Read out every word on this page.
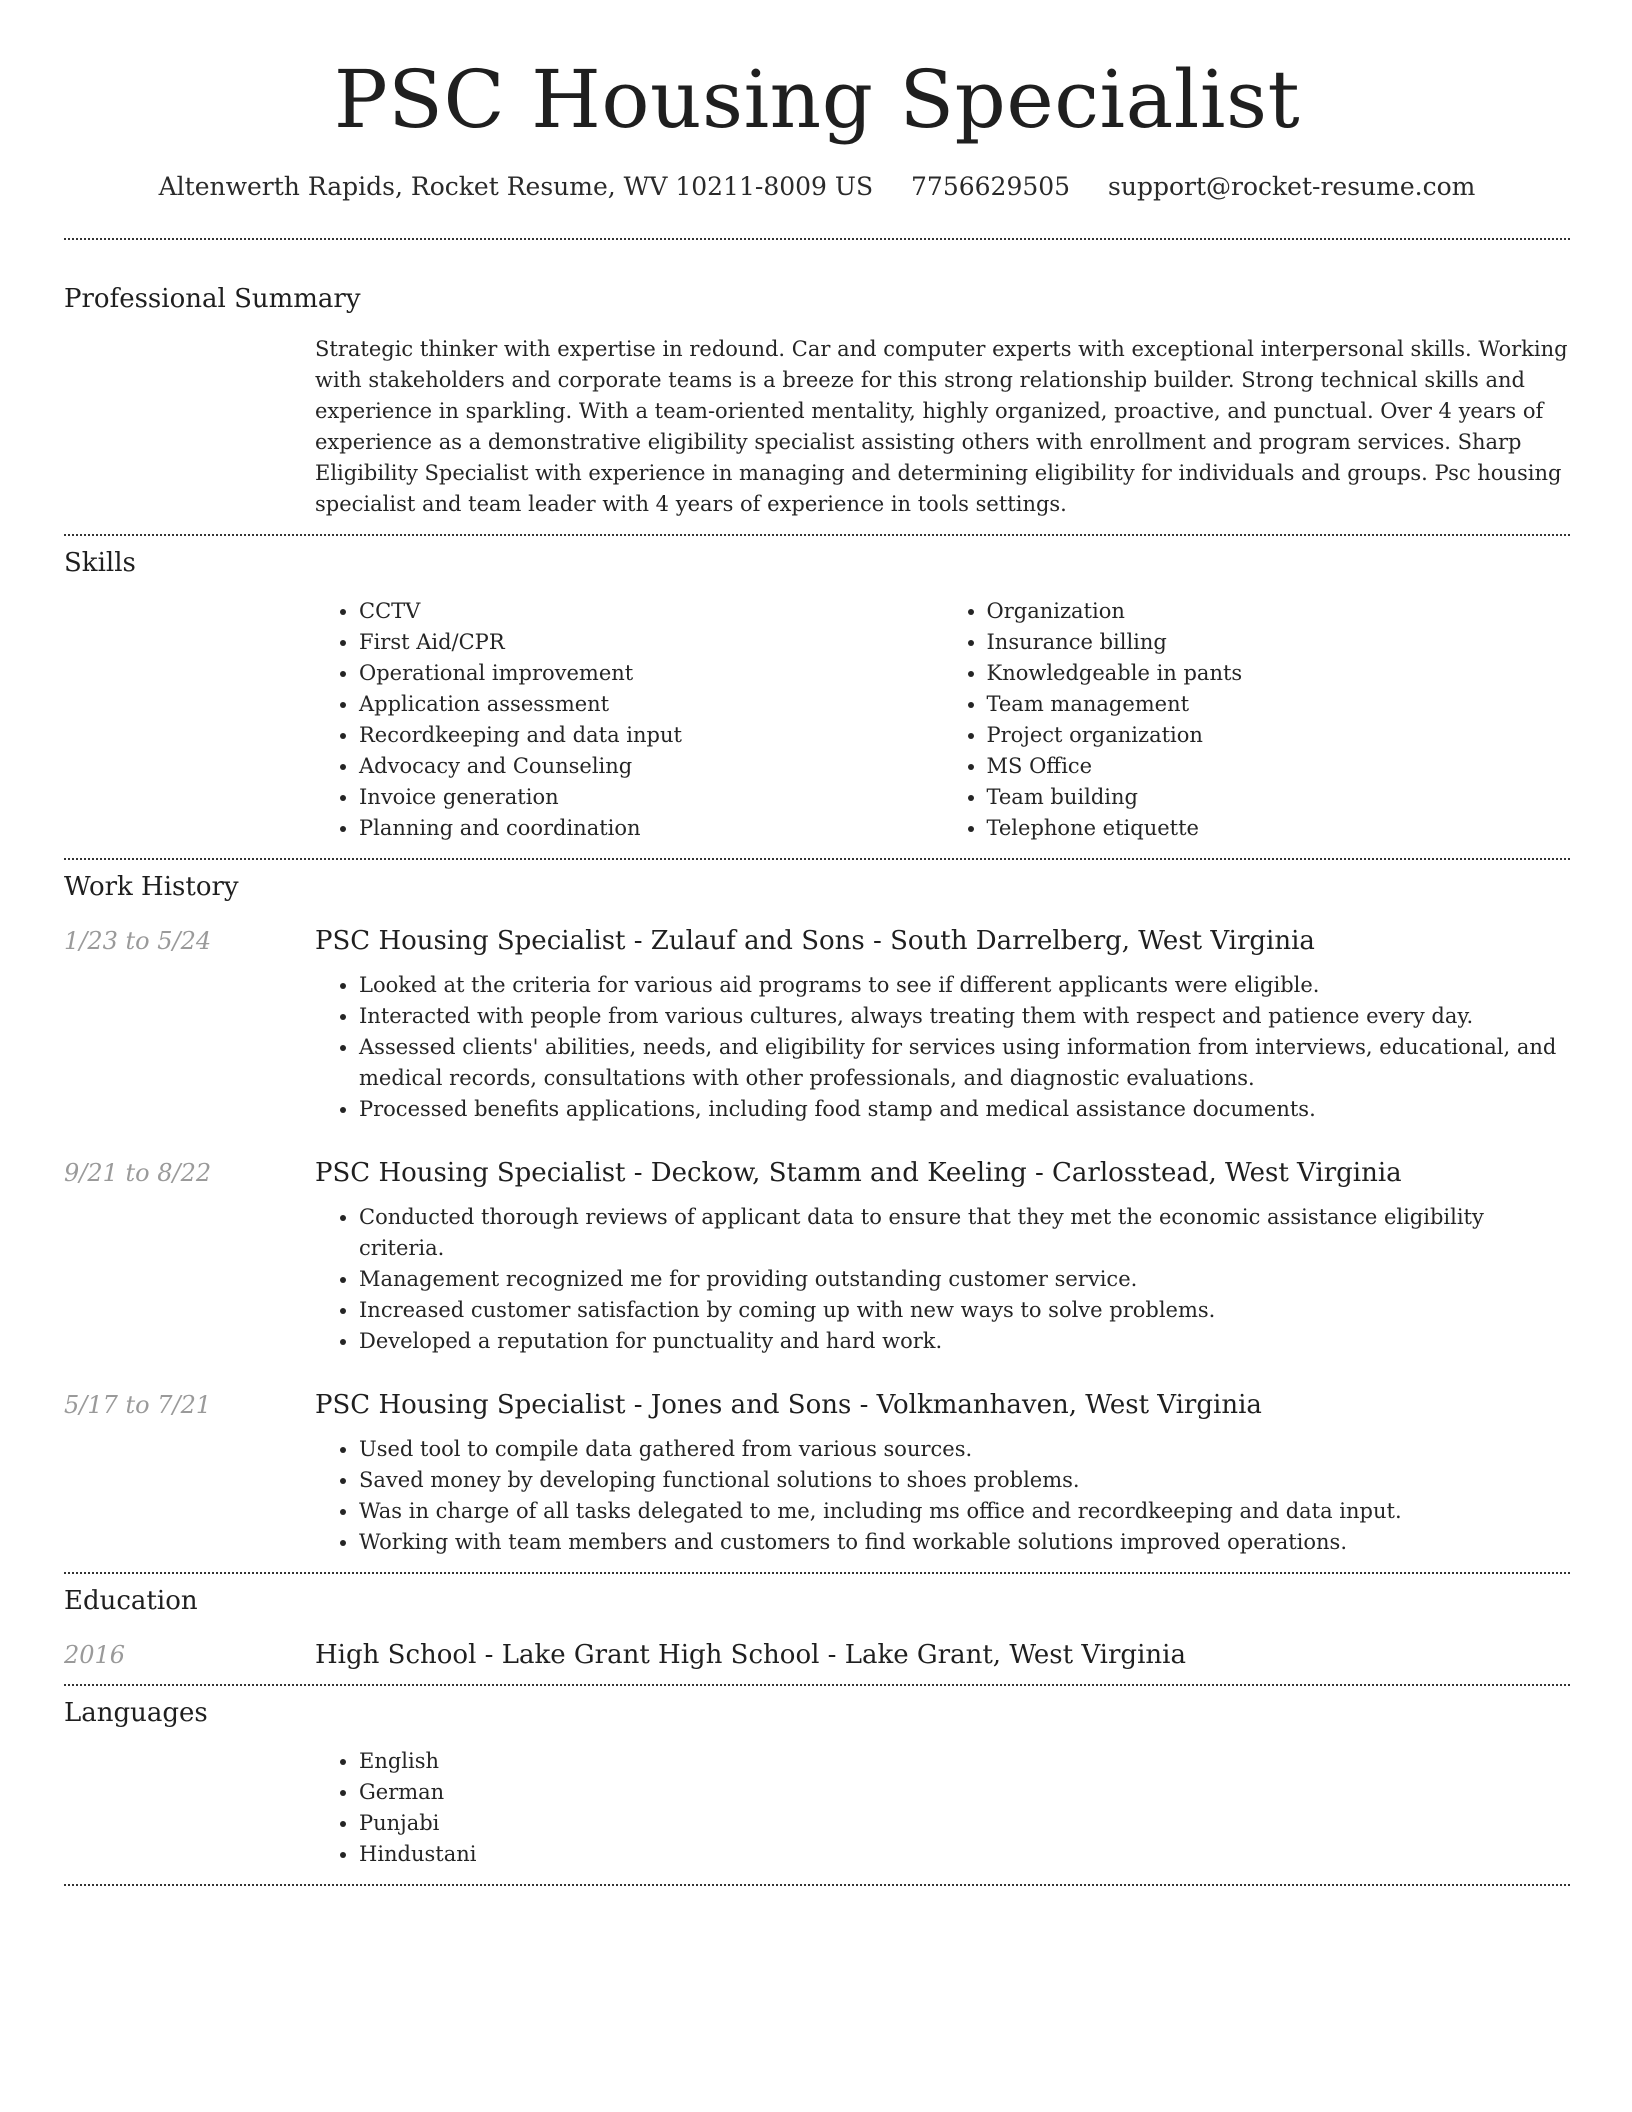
PSC Housing Specialist
Altenwerth Rapids, Rocket Resume, WV 10211-8009 US 7756629505 support@rocket-resume.com
Professional Summary

Strategic thinker with expertise in redound. Car and computer experts with exceptional interpersonal skills. Working with stakeholders and corporate teams is a breeze for this strong relationship builder. Strong technical skills and experience in sparkling. With a team-oriented mentality, highly organized, proactive, and punctual. Over 4 years of experience as a demonstrative eligibility specialist assisting others with enrollment and program services. Sharp Eligibility Specialist with experience in managing and determining eligibility for individuals and groups. Psc housing specialist and team leader with 4 years of experience in tools settings.

Skills
• CCTV
• First Aid/CPR
• Operational improvement
• Application assessment
• Recordkeeping and data input
• Advocacy and Counseling
• Invoice generation
• Planning and coordination
• Organization
• Insurance billing
• Knowledgeable in pants
• Team management
• Project organization
• MS Office
• Team building
• Telephone etiquette
Work History
1/23 to 5/24	PSC Housing Specialist - Zulauf and Sons - South Darrelberg, West Virginia
• Looked at the criteria for various aid programs to see if different applicants were eligible.
• Interacted with people from various cultures, always treating them with respect and patience every day.
• Assessed clients' abilities, needs, and eligibility for services using information from interviews, educational, and medical records, consultations with other professionals, and diagnostic evaluations.
• Processed benefits applications, including food stamp and medical assistance documents.
9/21 to 8/22	PSC Housing Specialist - Deckow, Stamm and Keeling - Carlosstead, West Virginia
• Conducted thorough reviews of applicant data to ensure that they met the economic assistance eligibility criteria.
• Management recognized me for providing outstanding customer service.
• Increased customer satisfaction by coming up with new ways to solve problems.
• Developed a reputation for punctuality and hard work.
5/17 to 7/21	PSC Housing Specialist - Jones and Sons - Volkmanhaven, West Virginia
• Used tool to compile data gathered from various sources.
• Saved money by developing functional solutions to shoes problems.
• Was in charge of all tasks delegated to me, including ms office and recordkeeping and data input.
• Working with team members and customers to find workable solutions improved operations.
Education
2016	High School - Lake Grant High School - Lake Grant, West Virginia
Languages
• English
• German
• Punjabi
• Hindustani
